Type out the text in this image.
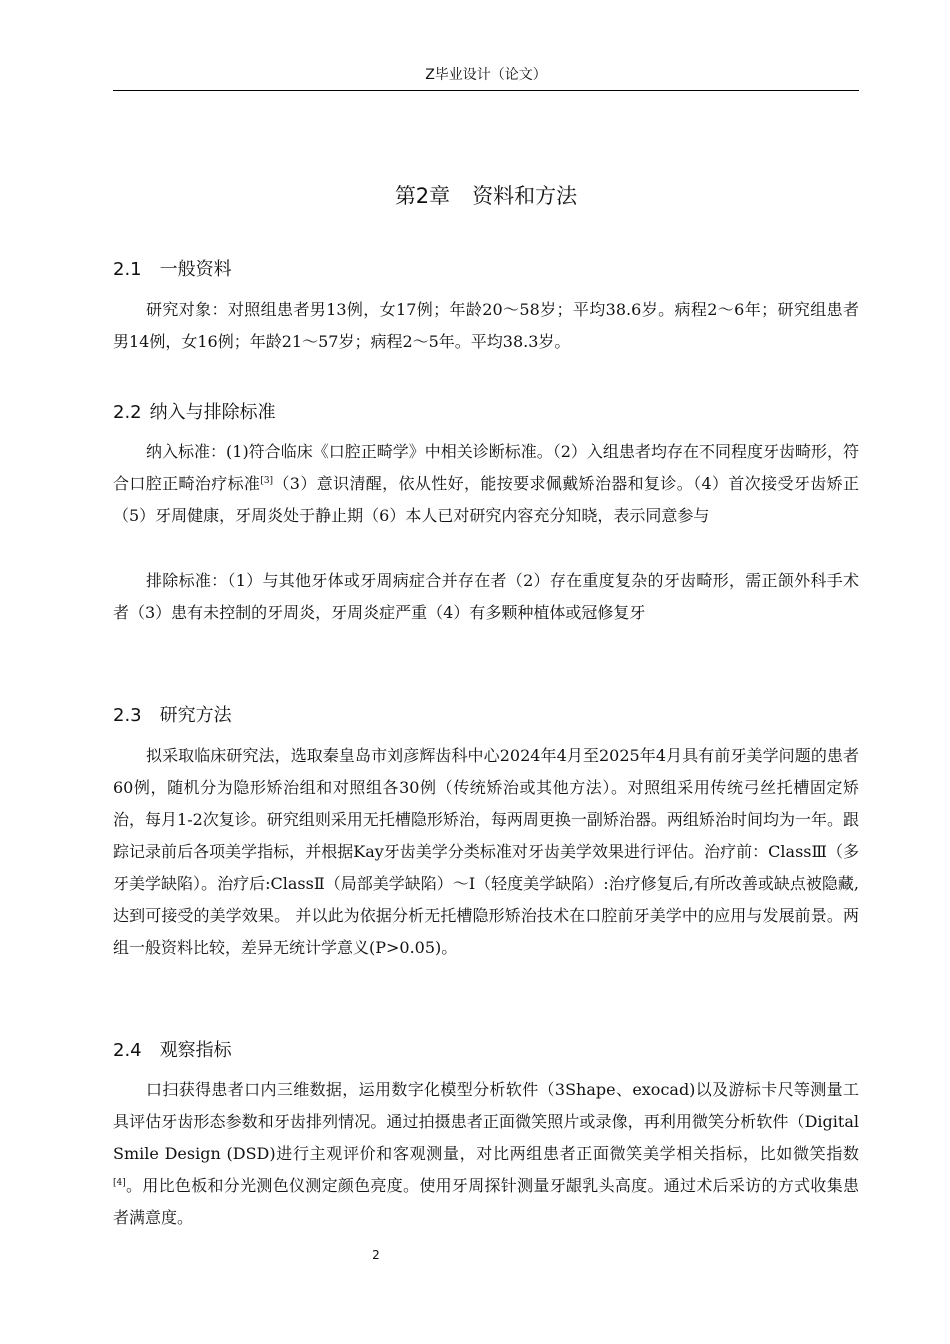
Z毕业设计（论文）
第2章 资料和方法
2.1 一般资料
研究对象：对照组患者男13例，女17例；年龄20～58岁；平均38.6岁。病程2～6年；研究组患者男14例，女16例；年龄21～57岁；病程2～5年。平均38.3岁。
2.2 纳入与排除标准
纳入标准：(1)符合临床《口腔正畸学》中相关诊断标准。（2）入组患者均存在不同程度牙齿畸形，符合口腔正畸治疗标准[3]（3）意识清醒，依从性好，能按要求佩戴矫治器和复诊。（4）首次接受牙齿矫正（5）牙周健康，牙周炎处于静止期（6）本人已对研究内容充分知晓，表示同意参与
排除标准：（1）与其他牙体或牙周病症合并存在者（2）存在重度复杂的牙齿畸形，需正颌外科手术者（3）患有未控制的牙周炎，牙周炎症严重（4）有多颗种植体或冠修复牙
2.3 研究方法
拟采取临床研究法，选取秦皇岛市刘彦辉齿科中心2024年4月至2025年4月具有前牙美学问题的患者60例，随机分为隐形矫治组和对照组各30例（传统矫治或其他方法）。对照组采用传统弓丝托槽固定矫治，每月1-2次复诊。研究组则采用无托槽隐形矫治，每两周更换一副矫治器。两组矫治时间均为一年。跟踪记录前后各项美学指标，并根据Kay牙齿美学分类标准对牙齿美学效果进行评估。治疗前：ClassⅢ（多牙美学缺陷）。治疗后:ClassⅡ（局部美学缺陷）～Ⅰ（轻度美学缺陷）:治疗修复后,有所改善或缺点被隐藏,达到可接受的美学效果。 并以此为依据分析无托槽隐形矫治技术在口腔前牙美学中的应用与发展前景。两组一般资料比较，差异无统计学意义(P>0.05)。
2.4 观察指标
口扫获得患者口内三维数据，运用数字化模型分析软件（3Shape、exocad)以及游标卡尺等测量工具评估牙齿形态参数和牙齿排列情况。通过拍摄患者正面微笑照片或录像，再利用微笑分析软件（Digital Smile Design (DSD)进行主观评价和客观测量，对比两组患者正面微笑美学相关指标，比如微笑指数[4]。用比色板和分光测色仪测定颜色亮度。使用牙周探针测量牙龈乳头高度。通过术后采访的方式收集患者满意度。
2
